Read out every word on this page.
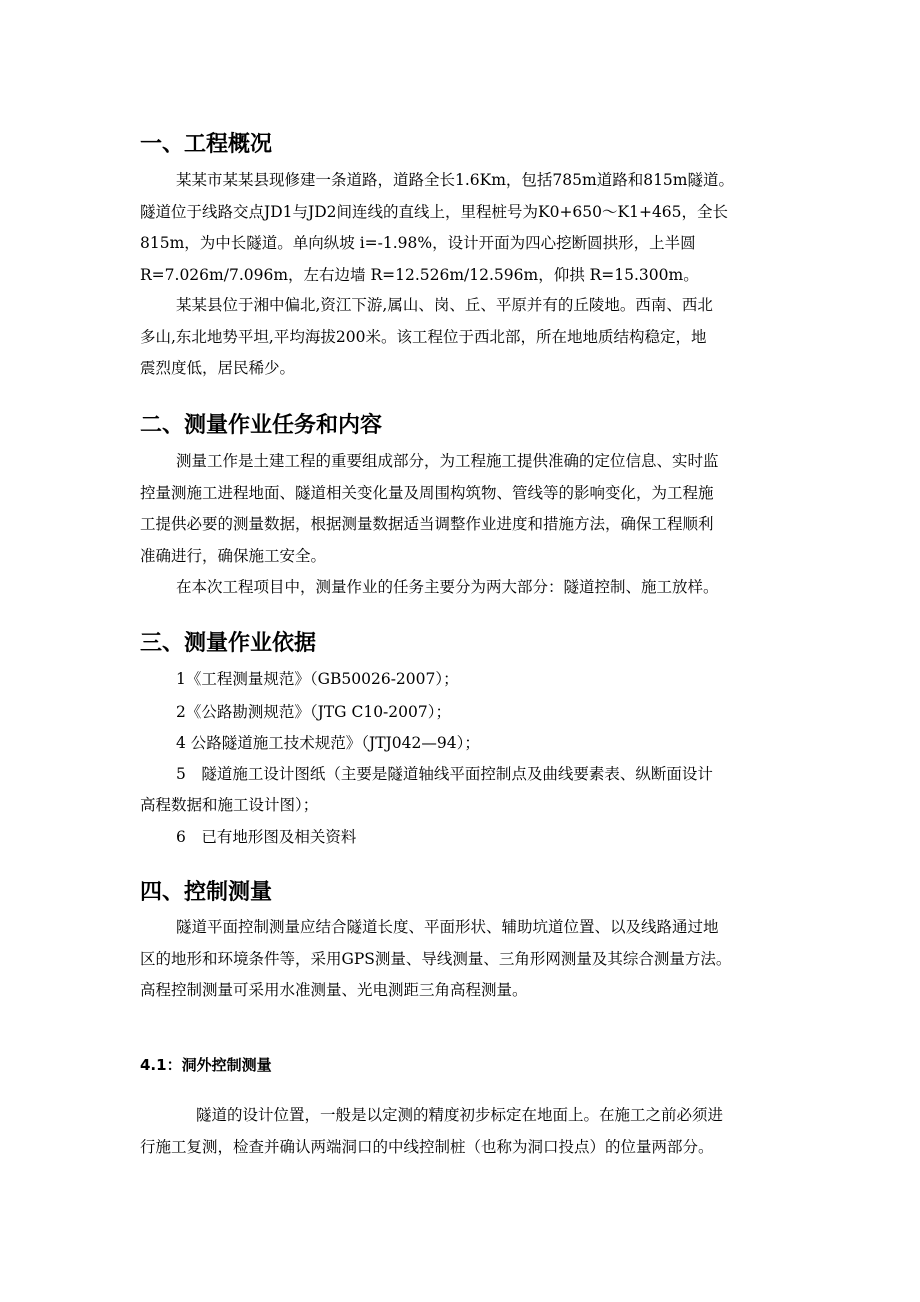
一、工程概况
某某市某某县现修建一条道路，道路全长1.6Km，包括785m道路和815m隧道。
隧道位于线路交点JD1与JD2间连线的直线上，里程桩号为K0+650～K1+465，全长
815m，为中长隧道。单向纵坡 i=-1.98%，设计开面为四心挖断圆拱形，上半圆
R=7.026m/7.096m，左右边墙 R=12.526m/12.596m，仰拱 R=15.300m。
某某县位于湘中偏北,资江下游,属山、岗、丘、平原并有的丘陵地。西南、西北
多山,东北地势平坦,平均海拔200米。该工程位于西北部，所在地地质结构稳定，地
震烈度低，居民稀少。
二、测量作业任务和内容
测量工作是土建工程的重要组成部分，为工程施工提供准确的定位信息、实时监
控量测施工进程地面、隧道相关变化量及周围构筑物、管线等的影响变化，为工程施
工提供必要的测量数据，根据测量数据适当调整作业进度和措施方法，确保工程顺利
准确进行，确保施工安全。
在本次工程项目中，测量作业的任务主要分为两大部分：隧道控制、施工放样。
三、测量作业依据
1《工程测量规范》（GB50026-2007）；
2《公路勘测规范》（JTG C10-2007）；
4 公路隧道施工技术规范》（JTJ042—94）；
5　隧道施工设计图纸（主要是隧道轴线平面控制点及曲线要素表、纵断面设计
高程数据和施工设计图）；
6　已有地形图及相关资料
四、控制测量
隧道平面控制测量应结合隧道长度、平面形状、辅助坑道位置、以及线路通过地
区的地形和环境条件等，采用GPS测量、导线测量、三角形网测量及其综合测量方法。
高程控制测量可采用水准测量、光电测距三角高程测量。
4.1：洞外控制测量
隧道的设计位置，一般是以定测的精度初步标定在地面上。在施工之前必须进
行施工复测，检查并确认两端洞口的中线控制桩（也称为洞口投点）的位量两部分。
